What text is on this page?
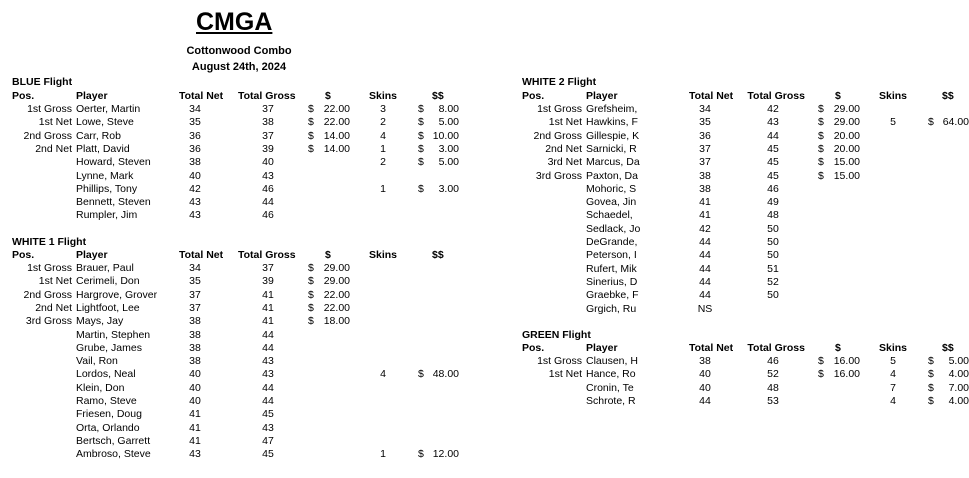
CMGA
Cottonwood Combo
August 24th, 2024
BLUE Flight
Pos.	Player	Total Net Total Gross	$	Skins	$$
1st Gross Oerter, Martin	34	37	$ 22.00	3	$	8.00
1st Net Lowe, Steve	35	38	$ 22.00	2	$	5.00
2nd Gross Carr, Rob	36	37	$ 14.00	4	$ 10.00
2nd Net Platt, David	36	39	$ 14.00	1	$	3.00
Howard, Steven	38	40	2	$	5.00
Lynne, Mark	40	43
Phillips, Tony	42	46	1	$	3.00
Bennett, Steven	43	44
Rumpler, Jim	43	46
WHITE 1 Flight
Pos.	Player	Total Net Total Gross	$	Skins	$$
1st Gross Brauer, Paul	34	37	$ 29.00
1st Net Cerimeli, Don	35	39	$ 29.00
2nd Gross Hargrove, Grover	37	41	$ 22.00
2nd Net Lightfoot, Lee	37	41	$ 22.00
3rd Gross Mays, Jay	38	41	$ 18.00
Martin, Stephen	38	44
Grube, James	38	44
Vail, Ron	38	43
Lordos, Neal	40	43	4	$ 48.00
Klein, Don	40	44
Ramo, Steve	40	44
Friesen, Doug	41	45
Orta, Orlando	41	43
Bertsch, Garrett	41	47
Ambroso, Steve	43	45	1	$ 12.00
WHITE 2 Flight
Pos.	Player	Total Net Total Gross	$	Skins	$$
1st Gross Grefsheim,	34	42	$ 29.00
1st Net Hawkins, F	35	43	$ 29.00	5	$ 64.00
2nd Gross Gillespie, K	36	44	$ 20.00
2nd Net Sarnicki, R	37	45	$ 20.00
3rd Net Marcus, Da	37	45	$ 15.00
3rd Gross Paxton, Da	38	45	$ 15.00
Mohoric, S	38	46
Govea, Jin	41	49
Schaedel,	41	48
Sedlack, Jo	42	50
DeGrande,	44	50
Peterson, I	44	50
Rufert, Mik	44	51
Sinerius, D	44	52
Graebke, F	44	50
Grgich, Ru	NS
GREEN Flight
Pos.	Player	Total Net Total Gross	$	Skins	$$
1st Gross Clausen, H	38	46	$ 16.00	5	$	5.00
1st Net Hance, Ro	40	52	$ 16.00	4	$	4.00
Cronin, Te	40	48	7	$	7.00
Schrote, R	44	53	4	$	4.00
